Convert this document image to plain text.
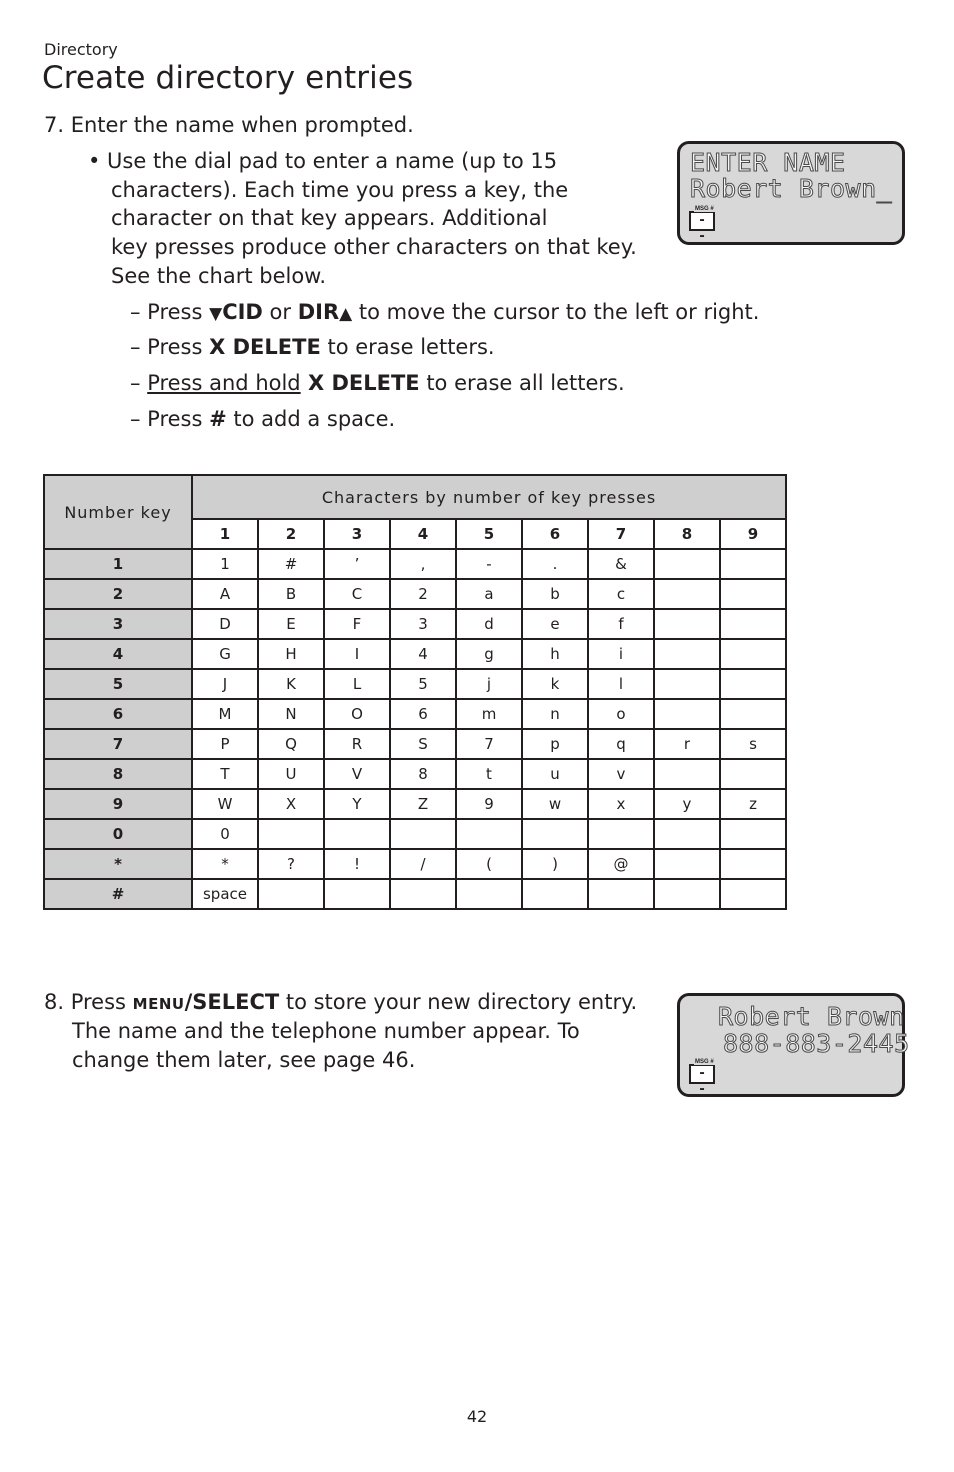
Directory
Create directory entries
7. Enter the name when prompted.
• Use the dial pad to enter a name (up to 15
characters). Each time you press a key, the
character on that key appears. Additional
key presses produce other characters on that key.
See the chart below.
– Press ▼CID or DIR▲ to move the cursor to the left or right.
– Press X DELETE to erase letters.
– Press and hold X DELETE to erase all letters.
– Press # to add a space.
ENTER NAME
Robert Brown_
- -
MSG #
Number key	Characters by number of key presses								
	1	2	3	4	5	6	7	8	9
1	1	#	’	,	-	.	&		
2	A	B	C	2	a	b	c		
3	D	E	F	3	d	e	f		
4	G	H	I	4	g	h	i		
5	J	K	L	5	j	k	l		
6	M	N	O	6	m	n	o		
7	P	Q	R	S	7	p	q	r	s
8	T	U	V	8	t	u	v		
9	W	X	Y	Z	9	w	x	y	z
0	0								
*	*	?	!	/	(	)	@		
#	space								
8. Press MENU/SELECT to store your new directory entry.
The name and the telephone number appear. To
change them later, see page 46.
Robert Brown
888-883-2445
- -
MSG #
42
